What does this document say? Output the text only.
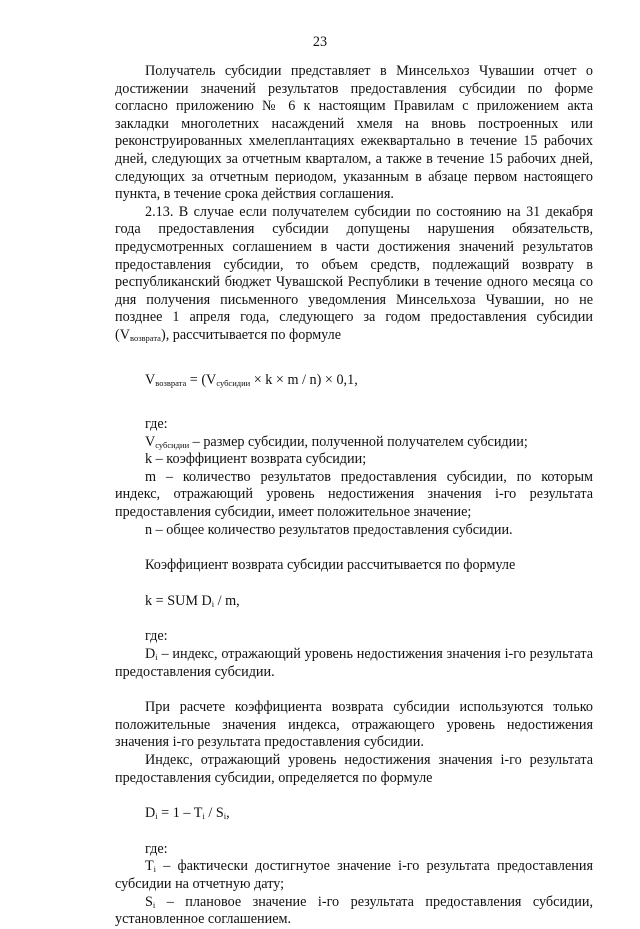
23

Получатель субсидии представляет в Минсельхоз Чувашии отчет о достижении значений результатов предоставления субсидии по форме согласно приложению № 6 к настоящим Правилам с приложением акта закладки многолетних насаждений хмеля на вновь построенных или реконструированных хмелеплантациях ежеквартально в течение 15 рабочих дней, следующих за отчетным кварталом, а также в течение 15 рабочих дней, следующих за отчетным периодом, указанным в абзаце первом настоящего пункта, в течение срока действия соглашения.

2.13. В случае если получателем субсидии по состоянию на 31 декабря года предоставления субсидии допущены нарушения обязательств, предусмотренных соглашением в части достижения значений результатов предоставления субсидии, то объем средств, подлежащий возврату в республиканский бюджет Чувашской Республики в течение одного месяца со дня получения письменного уведомления Минсельхоза Чувашии, но не позднее 1 апреля года, следующего за годом предоставления субсидии $(V_{возврата})$, рассчитывается по формуле

$V_{возврата} = (V_{субсидии} \times k \times m / n) \times 0,1$,

где:

$V_{субсидии}$ – размер субсидии, полученной получателем субсидии;

k – коэффициент возврата субсидии;

m – количество результатов предоставления субсидии, по которым индекс, отражающий уровень недостижения значения i-го результата предоставления субсидии, имеет положительное значение;

n – общее количество результатов предоставления субсидии.

Коэффициент возврата субсидии рассчитывается по формуле

k = SUM $D_i$ / m,

где:

$D_i$ – индекс, отражающий уровень недостижения значения i-го результата предоставления субсидии.

При расчете коэффициента возврата субсидии используются только положительные значения индекса, отражающего уровень недостижения значения i-го результата предоставления субсидии.

Индекс, отражающий уровень недостижения значения i-го результата предоставления субсидии, определяется по формуле

$D_i = 1 - T_i / S_i$,

где:

$T_i$ – фактически достигнутое значение i-го результата предоставления субсидии на отчетную дату;

$S_i$ – плановое значение i-го результата предоставления субсидии, установленное соглашением.
